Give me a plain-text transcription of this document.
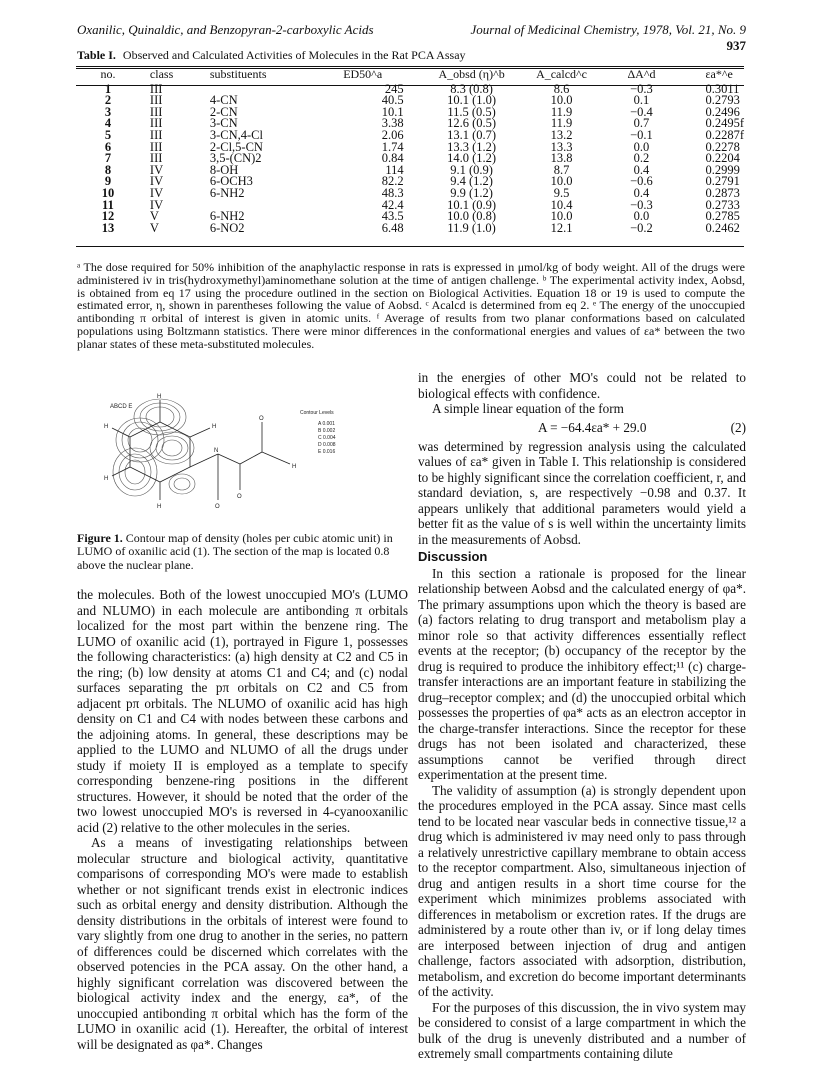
Oxanilic, Quinaldic, and Benzopyran-2-carboxylic Acids	Journal of Medicinal Chemistry, 1978, Vol. 21, No. 9 937
Table I. Observed and Calculated Activities of Molecules in the Rat PCA Assay
no.	class	substituents	ED50^a	A_obsd (η)^b	A_calcd^c	ΔA^d	εa*^e
1	III		245	8.3 (0.8)	8.6	−0.3	0.3011
2	III	4-CN	40.5	10.1 (1.0)	10.0	0.1	0.2793
3	III	2-CN	10.1	11.5 (0.5)	11.9	−0.4	0.2496
4	III	3-CN	3.38	12.6 (0.5)	11.9	0.7	0.2495f
5	III	3-CN,4-Cl	2.06	13.1 (0.7)	13.2	−0.1	0.2287f
6	III	2-Cl,5-CN	1.74	13.3 (1.2)	13.3	0.0	0.2278
7	III	3,5-(CN)2	0.84	14.0 (1.2)	13.8	0.2	0.2204
8	IV	8-OH	114	9.1 (0.9)	8.7	0.4	0.2999
9	IV	6-OCH3	82.2	9.4 (1.2)	10.0	−0.6	0.2791
10	IV	6-NH2	48.3	9.9 (1.2)	9.5	0.4	0.2873
11	IV		42.4	10.1 (0.9)	10.4	−0.3	0.2733
12	V	6-NH2	43.5	10.0 (0.8)	10.0	0.0	0.2785
13	V	6-NO2	6.48	11.9 (1.0)	12.1	−0.2	0.2462
ᵃ The dose required for 50% inhibition of the anaphylactic response in rats is expressed in μmol/kg of body weight. All of the drugs were administered iv in tris(hydroxymethyl)aminomethane solution at the time of antigen challenge. ᵇ The experimental activity index, Aobsd, is obtained from eq 17 using the procedure outlined in the section on Biological Activities. Equation 18 or 19 is used to compute the estimated error, η, shown in parentheses following the value of Aobsd. ᶜ Acalcd is determined from eq 2. ᵉ The energy of the unoccupied antibonding π orbital of interest is given in atomic units. ᶠ Average of results from two planar conformations based on calculated populations using Boltzmann statistics. There were minor differences in the conformational energies and values of εa* between the two planar states of these meta-substituted molecules.
H
H	H
H
O
N
H
H
O
O
ABCD E
Contour Levels
A 0.001
B 0.002
C 0.004
D 0.008
E 0.016
Figure 1. Contour map of density (holes per cubic atomic unit) in LUMO of oxanilic acid (1). The section of the map is located 0.8 above the nuclear plane.

the molecules. Both of the lowest unoccupied MO's (LUMO and NLUMO) in each molecule are antibonding π orbitals localized for the most part within the benzene ring. The LUMO of oxanilic acid (1), portrayed in Figure 1, possesses the following characteristics: (a) high density at C2 and C5 in the ring; (b) low density at atoms C1 and C4; and (c) nodal surfaces separating the pπ orbitals on C2 and C5 from adjacent pπ orbitals. The NLUMO of oxanilic acid has high density on C1 and C4 with nodes between these carbons and the adjoining atoms. In general, these descriptions may be applied to the LUMO and NLUMO of all the drugs under study if moiety II is employed as a template to specify corresponding benzene-ring positions in the different structures. However, it should be noted that the order of the two lowest unoccupied MO's is reversed in 4-cyanooxanilic acid (2) relative to the other molecules in the series.

As a means of investigating relationships between molecular structure and biological activity, quantitative comparisons of corresponding MO's were made to establish whether or not significant trends exist in electronic indices such as orbital energy and density distribution. Although the density distributions in the orbitals of interest were found to vary slightly from one drug to another in the series, no pattern of differences could be discerned which correlates with the observed potencies in the PCA assay. On the other hand, a highly significant correlation was discovered between the biological activity index and the energy, εa*, of the unoccupied antibonding π orbital which has the form of the LUMO in oxanilic acid (1). Hereafter, the orbital of interest will be designated as φa*. Changes

in the energies of other MO's could not be related to biological effects with confidence.

A simple linear equation of the form

A = −64.4εa* + 29.0	(2)

was determined by regression analysis using the calculated values of εa* given in Table I. This relationship is considered to be highly significant since the correlation coefficient, r, and standard deviation, s, are respectively −0.98 and 0.37. It appears unlikely that additional parameters would yield a better fit as the value of s is well within the uncertainty limits in the measurements of Aobsd.

Discussion

In this section a rationale is proposed for the linear relationship between Aobsd and the calculated energy of φa*. The primary assumptions upon which the theory is based are (a) factors relating to drug transport and metabolism play a minor role so that activity differences essentially reflect events at the receptor; (b) occupancy of the receptor by the drug is required to produce the inhibitory effect;¹¹ (c) charge-transfer interactions are an important feature in stabilizing the drug–receptor complex; and (d) the unoccupied orbital which possesses the properties of φa* acts as an electron acceptor in the charge-transfer interactions. Since the receptor for these drugs has not been isolated and characterized, these assumptions cannot be verified through direct experimentation at the present time.

The validity of assumption (a) is strongly dependent upon the procedures employed in the PCA assay. Since mast cells tend to be located near vascular beds in connective tissue,¹² a drug which is administered iv may need only to pass through a relatively unrestrictive capillary membrane to obtain access to the receptor compartment. Also, simultaneous injection of drug and antigen results in a short time course for the experiment which minimizes problems associated with differences in metabolism or excretion rates. If the drugs are administered by a route other than iv, or if long delay times are interposed between injection of drug and antigen challenge, factors associated with adsorption, distribution, metabolism, and excretion do become important determinants of the activity.

For the purposes of this discussion, the in vivo system may be considered to consist of a large compartment in which the bulk of the drug is unevenly distributed and a number of extremely small compartments containing dilute
